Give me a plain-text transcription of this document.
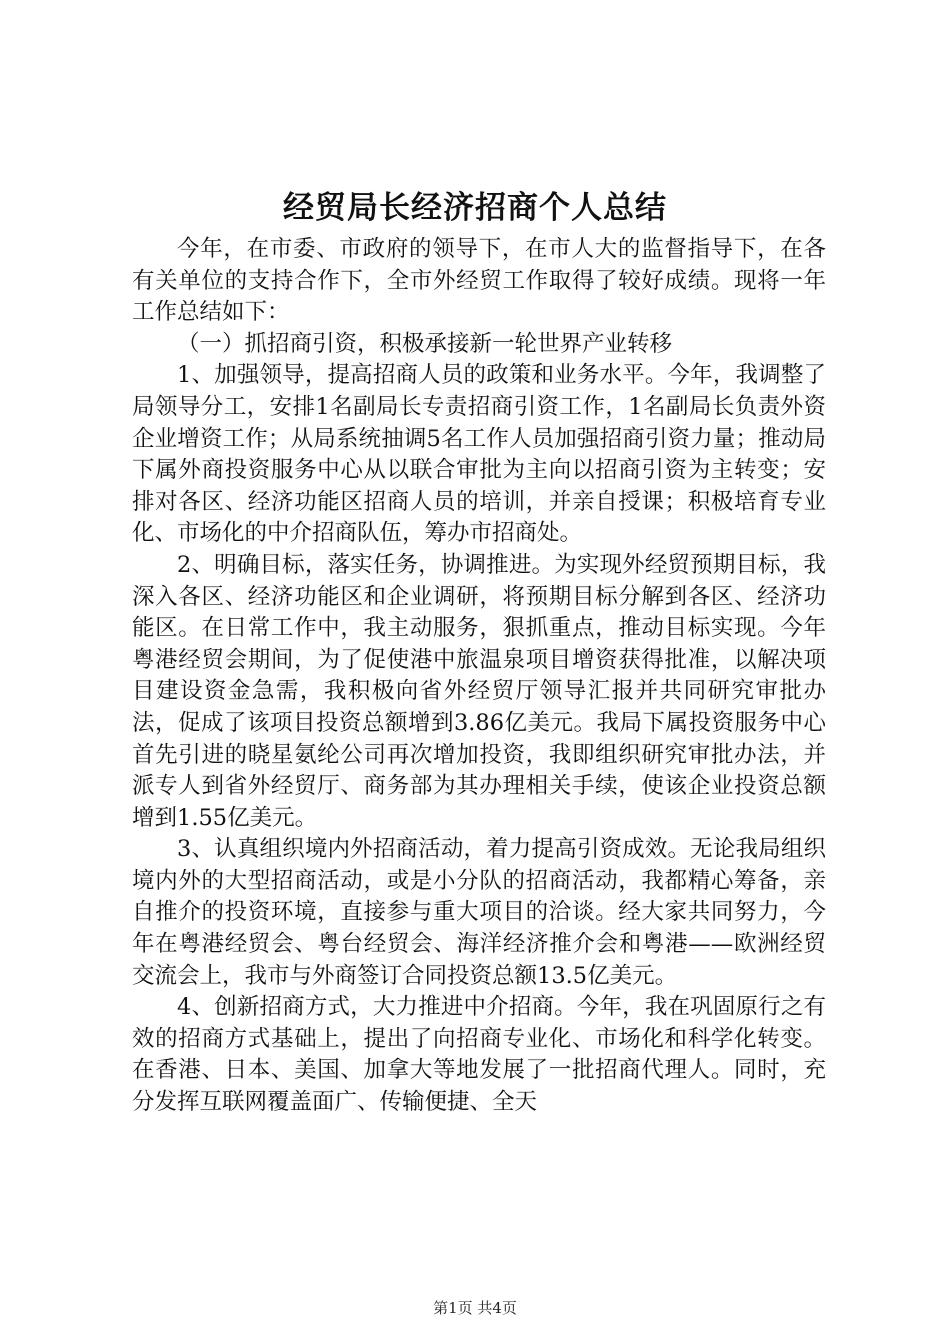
经贸局长经济招商个人总结

今年，在市委、市政府的领导下，在市人大的监督指导下，在各有关单位的支持合作下，全市外经贸工作取得了较好成绩。现将一年工作总结如下：

（一）抓招商引资，积极承接新一轮世界产业转移

1、加强领导，提高招商人员的政策和业务水平。今年，我调整了局领导分工，安排1名副局长专责招商引资工作，1名副局长负责外资企业增资工作；从局系统抽调5名工作人员加强招商引资力量；推动局下属外商投资服务中心从以联合审批为主向以招商引资为主转变；安排对各区、经济功能区招商人员的培训，并亲自授课；积极培育专业化、市场化的中介招商队伍，筹办市招商处。

2、明确目标，落实任务，协调推进。为实现外经贸预期目标，我深入各区、经济功能区和企业调研，将预期目标分解到各区、经济功能区。在日常工作中，我主动服务，狠抓重点，推动目标实现。今年粤港经贸会期间，为了促使港中旅温泉项目增资获得批准，以解决项目建设资金急需，我积极向省外经贸厅领导汇报并共同研究审批办法，促成了该项目投资总额增到3.86亿美元。我局下属投资服务中心首先引进的晓星氨纶公司再次增加投资，我即组织研究审批办法，并派专人到省外经贸厅、商务部为其办理相关手续，使该企业投资总额增到1.55亿美元。

3、认真组织境内外招商活动，着力提高引资成效。无论我局组织境内外的大型招商活动，或是小分队的招商活动，我都精心筹备，亲自推介的投资环境，直接参与重大项目的洽谈。经大家共同努力，今年在粤港经贸会、粤台经贸会、海洋经济推介会和粤港——欧洲经贸交流会上，我市与外商签订合同投资总额13.5亿美元。

4、创新招商方式，大力推进中介招商。今年，我在巩固原行之有效的招商方式基础上，提出了向招商专业化、市场化和科学化转变。在香港、日本、美国、加拿大等地发展了一批招商代理人。同时，充分发挥互联网覆盖面广、传输便捷、全天

第1页 共4页
